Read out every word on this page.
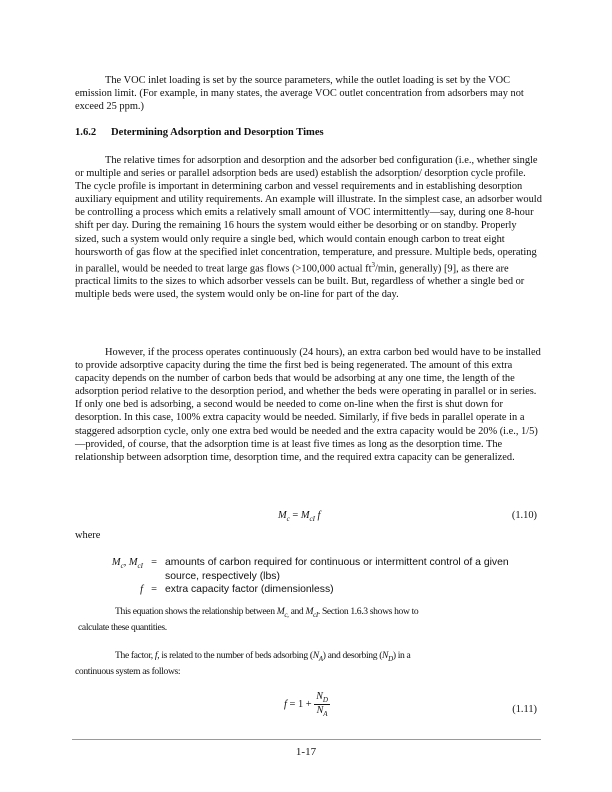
The VOC inlet loading is set by the source parameters, while the outlet loading is set by the VOC emission limit. (For example, in many states, the average VOC outlet concentration from adsorbers may not exceed 25 ppm.)

1.6.2 Determining Adsorption and Desorption Times

The relative times for adsorption and desorption and the adsorber bed configuration (i.e., whether single or multiple and series or parallel adsorption beds are used) establish the adsorption/ desorption cycle profile. The cycle profile is important in determining carbon and vessel requirements and in establishing desorption auxiliary equipment and utility requirements. An example will illustrate. In the simplest case, an adsorber would be controlling a process which emits a relatively small amount of VOC intermittently—say, during one 8-hour shift per day. During the remaining 16 hours the system would either be desorbing or on standby. Properly sized, such a system would only require a single bed, which would contain enough carbon to treat eight hoursworth of gas flow at the specified inlet concentration, temperature, and pressure. Multiple beds, operating in parallel, would be needed to treat large gas flows (>100,000 actual $ft^3/\min$, generally) [9], as there are practical limits to the sizes to which adsorber vessels can be built. But, regardless of whether a single bed or multiple beds were used, the system would only be on-line for part of the day.

However, if the process operates continuously (24 hours), an extra carbon bed would have to be installed to provide adsorptive capacity during the time the first bed is being regenerated. The amount of this extra capacity depends on the number of carbon beds that would be adsorbing at any one time, the length of the adsorption period relative to the desorption period, and whether the beds were operating in parallel or in series. If only one bed is adsorbing, a second would be needed to come on-line when the first is shut down for desorption. In this case, 100% extra capacity would be needed. Similarly, if five beds in parallel operate in a staggered adsorption cycle, only one extra bed would be needed and the extra capacity would be 20% (i.e., 1/5)—provided, of course, that the adsorption time is at least five times as long as the desorption time. The relationship between adsorption time, desorption time, and the required extra capacity can be generalized.

$M_c = M_{cI}$ f	(1.10)
where
$M_c$, $M_{cI}$ = amounts of carbon required for continuous or intermittent control of a given
source, respectively (lbs)
f = extra capacity factor (dimensionless)
This equation shows the relationship between $M_{c,}$ and $M_{cI}$. Section 1.6.3 shows how to
calculate these quantities.
The factor, f, is related to the number of beds adsorbing $(N_A)$ and desorbing $(N_D)$ in a
continuous system as follows:
$f = 1 + \frac{N_D}{N_A}$	(1.11)
1-17
